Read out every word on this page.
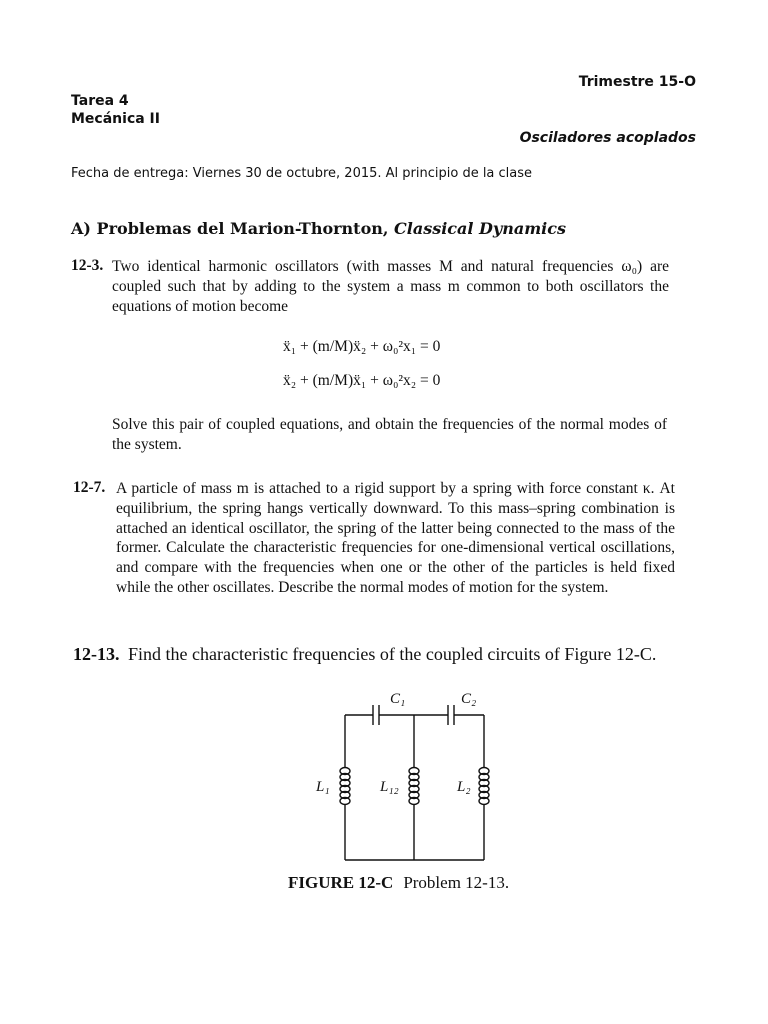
Trimestre 15-O
Tarea 4
Mecánica II
Osciladores acoplados
Fecha de entrega: Viernes 30 de octubre, 2015. Al principio de la clase
A) Problemas del Marion-Thornton, Classical Dynamics
12-3. Two identical harmonic oscillators (with masses M and natural frequencies ω₀) are coupled such that by adding to the system a mass m common to both oscillators the equations of motion become
ẍ₁ + (m/M)ẍ₂ + ω₀²x₁ = 0
ẍ₂ + (m/M)ẍ₁ + ω₀²x₂ = 0
Solve this pair of coupled equations, and obtain the frequencies of the normal modes of the system.
12-7. A particle of mass m is attached to a rigid support by a spring with force constant κ. At equilibrium, the spring hangs vertically downward. To this mass–spring combination is attached an identical oscillator, the spring of the latter being connected to the mass of the former. Calculate the characteristic frequencies for one-dimensional vertical oscillations, and compare with the frequencies when one or the other of the particles is held fixed while the other oscillates. Describe the normal modes of motion for the system.
12-13. Find the characteristic frequencies of the coupled circuits of Figure 12-C.
C₁	C₂
L₁	L₁₂	L₂
FIGURE 12-C Problem 12-13.
